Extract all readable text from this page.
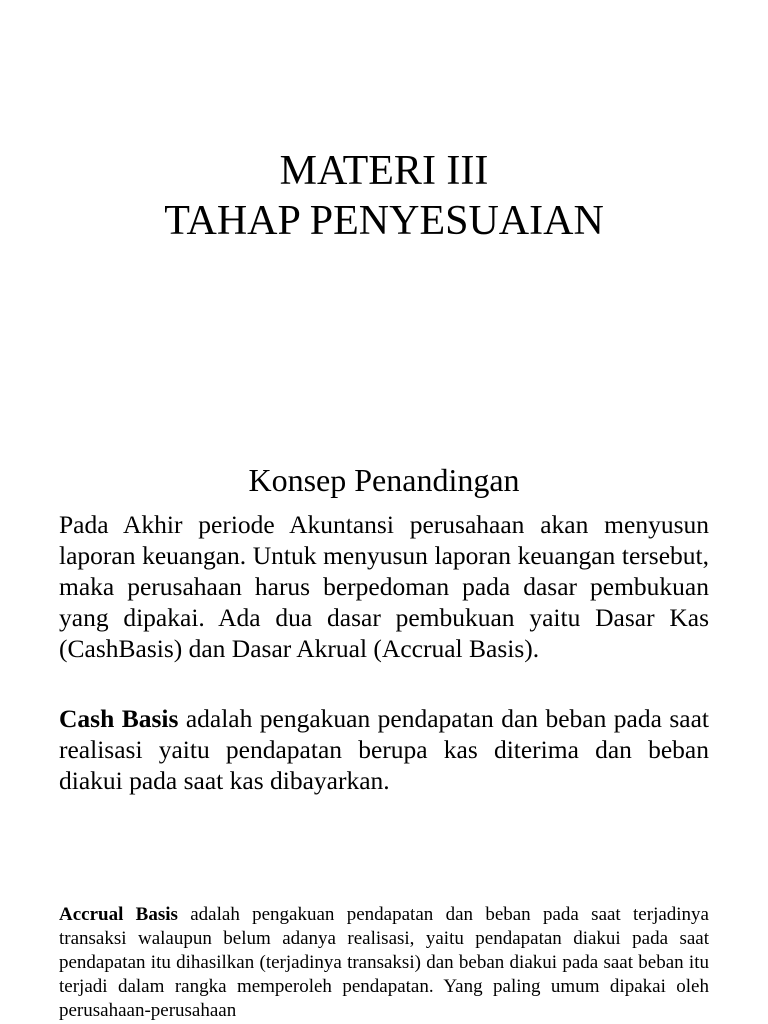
MATERI III
TAHAP PENYESUAIAN
Konsep Penandingan

Pada Akhir periode Akuntansi perusahaan akan menyusun laporan keuangan. Untuk menyusun laporan keuangan tersebut, maka perusahaan harus berpedoman pada dasar pembukuan yang dipakai. Ada dua dasar pembukuan yaitu Dasar Kas (CashBasis) dan Dasar Akrual (Accrual Basis).

Cash Basis adalah pengakuan pendapatan dan beban pada saat realisasi yaitu pendapatan berupa kas diterima dan beban diakui pada saat kas dibayarkan.

Accrual Basis adalah pengakuan pendapatan dan beban pada saat terjadinya transaksi walaupun belum adanya realisasi, yaitu pendapatan diakui pada saat pendapatan itu dihasilkan (terjadinya transaksi) dan beban diakui pada saat beban itu terjadi dalam rangka memperoleh pendapatan. Yang paling umum dipakai oleh perusahaan-perusahaan
